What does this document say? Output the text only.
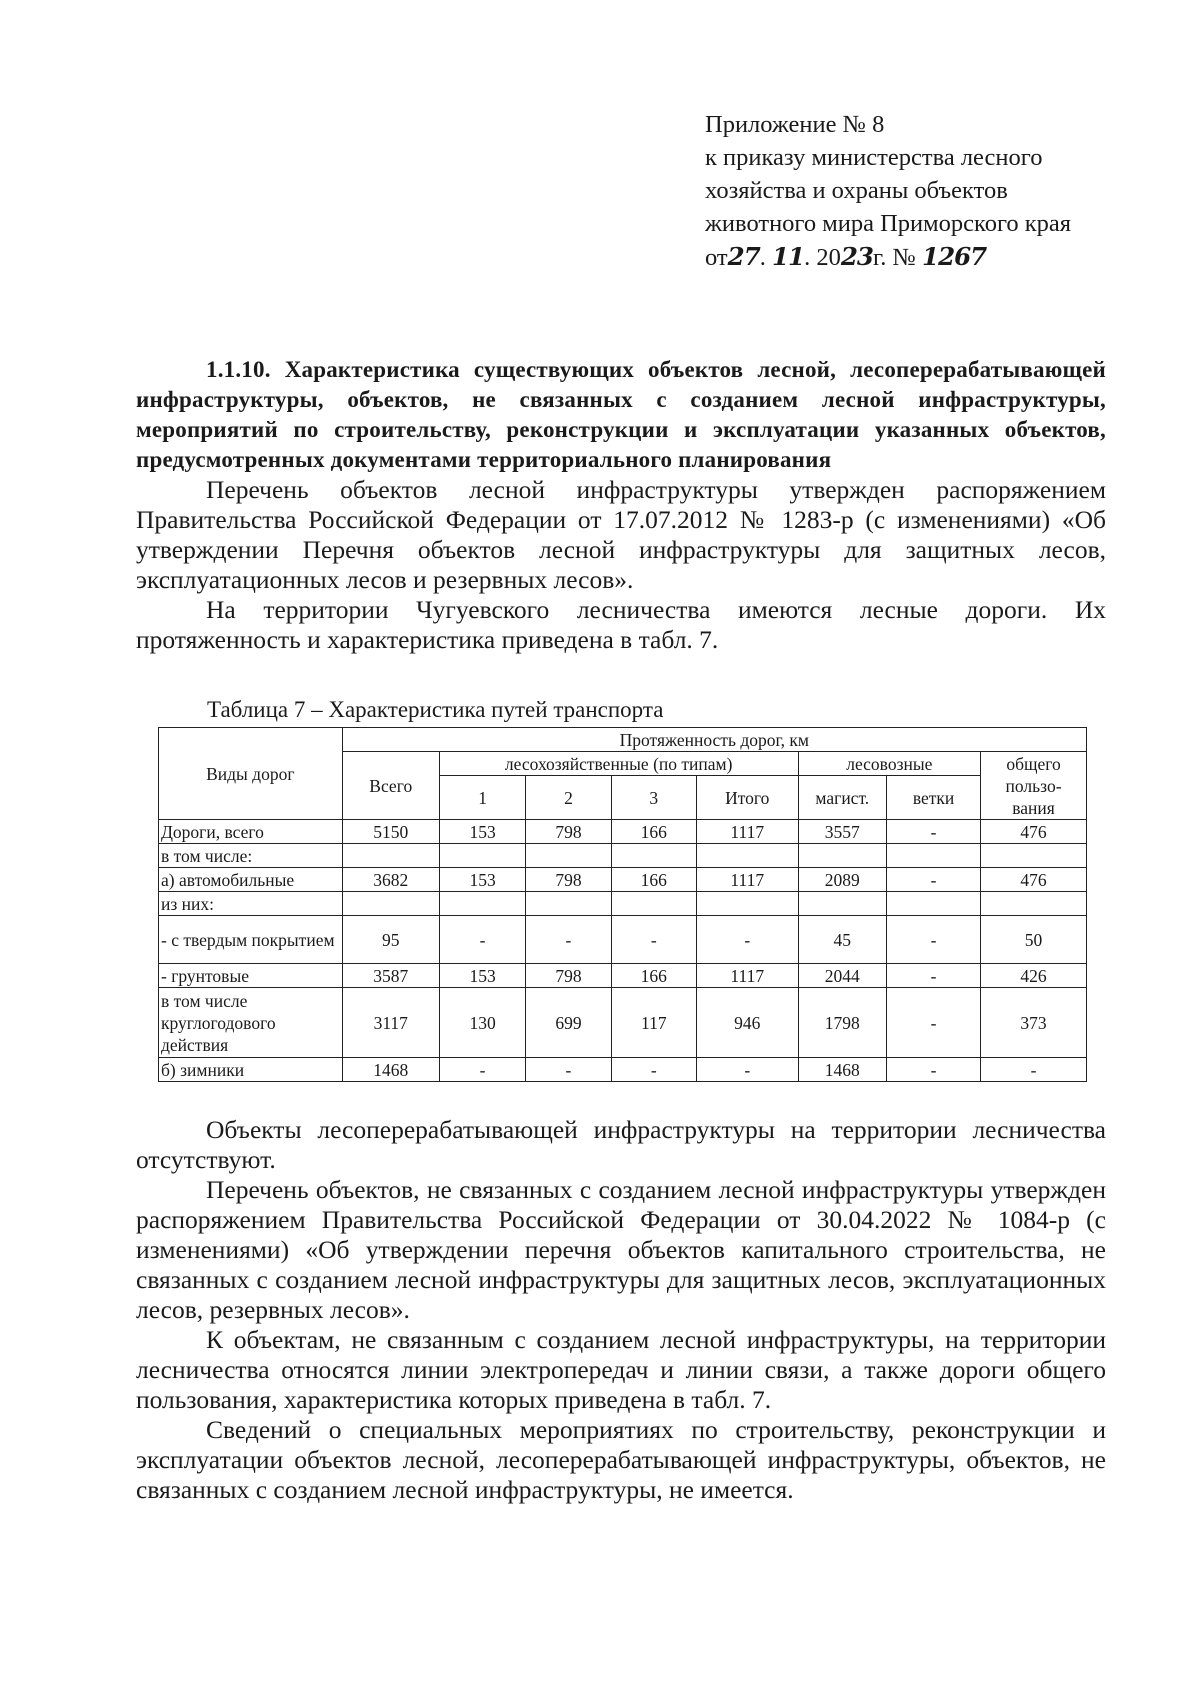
Приложение № 8
к приказу министерства лесного
хозяйства и охраны объектов
животного мира Приморского края
от27. 11. 2023г. № 1267
1.1.10. Характеристика существующих объектов лесной, лесоперерабатывающей инфраструктуры, объектов, не связанных с созданием лесной инфраструктуры, мероприятий по строительству, реконструкции и эксплуатации указанных объектов, предусмотренных документами территориального планирования

Перечень объектов лесной инфраструктуры утвержден распоряжением Правительства Российской Федерации от 17.07.2012 № 1283-р (с изменениями) «Об утверждении Перечня объектов лесной инфраструктуры для защитных лесов, эксплуатационных лесов и резервных лесов».

На территории Чугуевского лесничества имеются лесные дороги. Их протяженность и характеристика приведена в табл. 7.

Таблица 7 – Характеристика путей транспорта
Виды дорог	Протяженность дорог, км							
	Всего	лесохозяйственные (по типам)				лесовозные		общего
пользо-
вания

		1	2	3	Итого	магист.	ветки	
Дороги, всего	5150	153	798	166	1117	3557	-	476
в том числе:								
а) автомобильные	3682	153	798	166	1117	2089	-	476
из них:								
- с твердым покрытием	95	-	-	-	-	45	-	50
- грунтовые	3587	153	798	166	1117	2044	-	426
в том числе круглогодового действия	3117	130	699	117	946	1798	-	373
б) зимники	1468	-	-	-	-	1468	-	-

Объекты лесоперерабатывающей инфраструктуры на территории лесничества отсутствуют.

Перечень объектов, не связанных с созданием лесной инфраструктуры утвержден распоряжением Правительства Российской Федерации от 30.04.2022 № 1084-р (с изменениями) «Об утверждении перечня объектов капитального строительства, не связанных с созданием лесной инфраструктуры для защитных лесов, эксплуатационных лесов, резервных лесов».

К объектам, не связанным с созданием лесной инфраструктуры, на территории лесничества относятся линии электропередач и линии связи, а также дороги общего пользования, характеристика которых приведена в табл. 7.

Сведений о специальных мероприятиях по строительству, реконструкции и эксплуатации объектов лесной, лесоперерабатывающей инфраструктуры, объектов, не связанных с созданием лесной инфраструктуры, не имеется.
